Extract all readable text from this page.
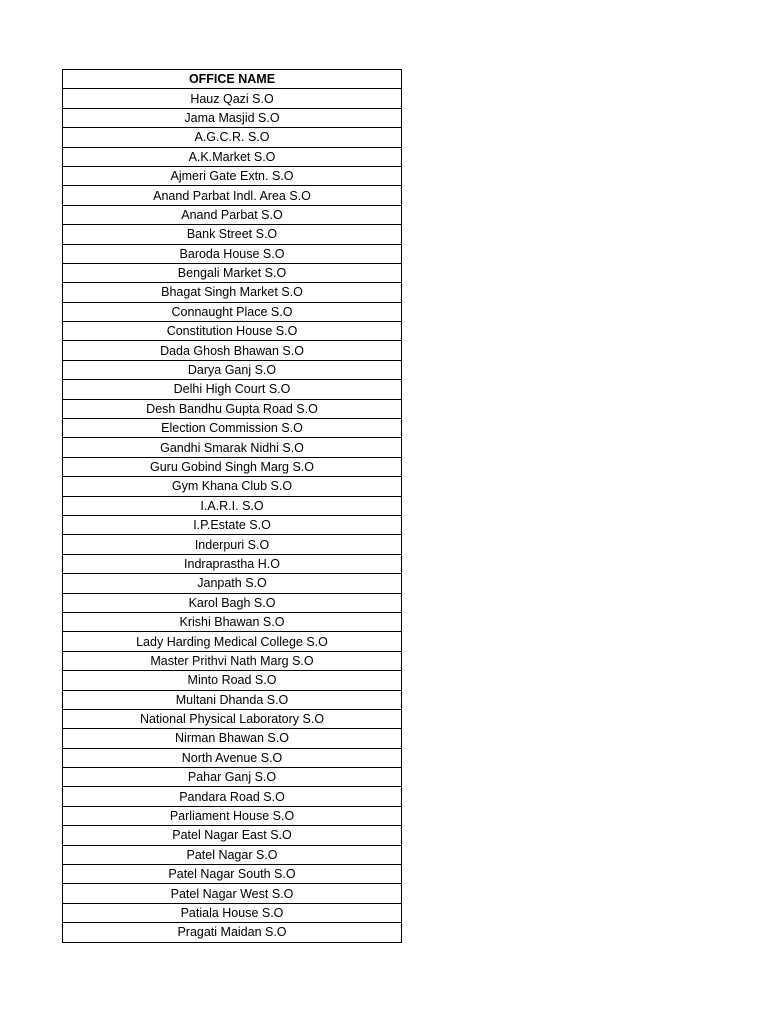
OFFICE NAME
Hauz Qazi S.O
Jama Masjid S.O
A.G.C.R. S.O
A.K.Market S.O
Ajmeri Gate Extn. S.O
Anand Parbat Indl. Area S.O
Anand Parbat S.O
Bank Street S.O
Baroda House S.O
Bengali Market S.O
Bhagat Singh Market S.O
Connaught Place S.O
Constitution House S.O
Dada Ghosh Bhawan S.O
Darya Ganj S.O
Delhi High Court S.O
Desh Bandhu Gupta Road S.O
Election Commission S.O
Gandhi Smarak Nidhi S.O
Guru Gobind Singh Marg S.O
Gym Khana Club S.O
I.A.R.I. S.O
I.P.Estate S.O
Inderpuri S.O
Indraprastha H.O
Janpath S.O
Karol Bagh S.O
Krishi Bhawan S.O
Lady Harding Medical College S.O
Master Prithvi Nath Marg S.O
Minto Road S.O
Multani Dhanda S.O
National Physical Laboratory S.O
Nirman Bhawan S.O
North Avenue S.O
Pahar Ganj S.O
Pandara Road S.O
Parliament House S.O
Patel Nagar East S.O
Patel Nagar S.O
Patel Nagar South S.O
Patel Nagar West S.O
Patiala House S.O
Pragati Maidan S.O
